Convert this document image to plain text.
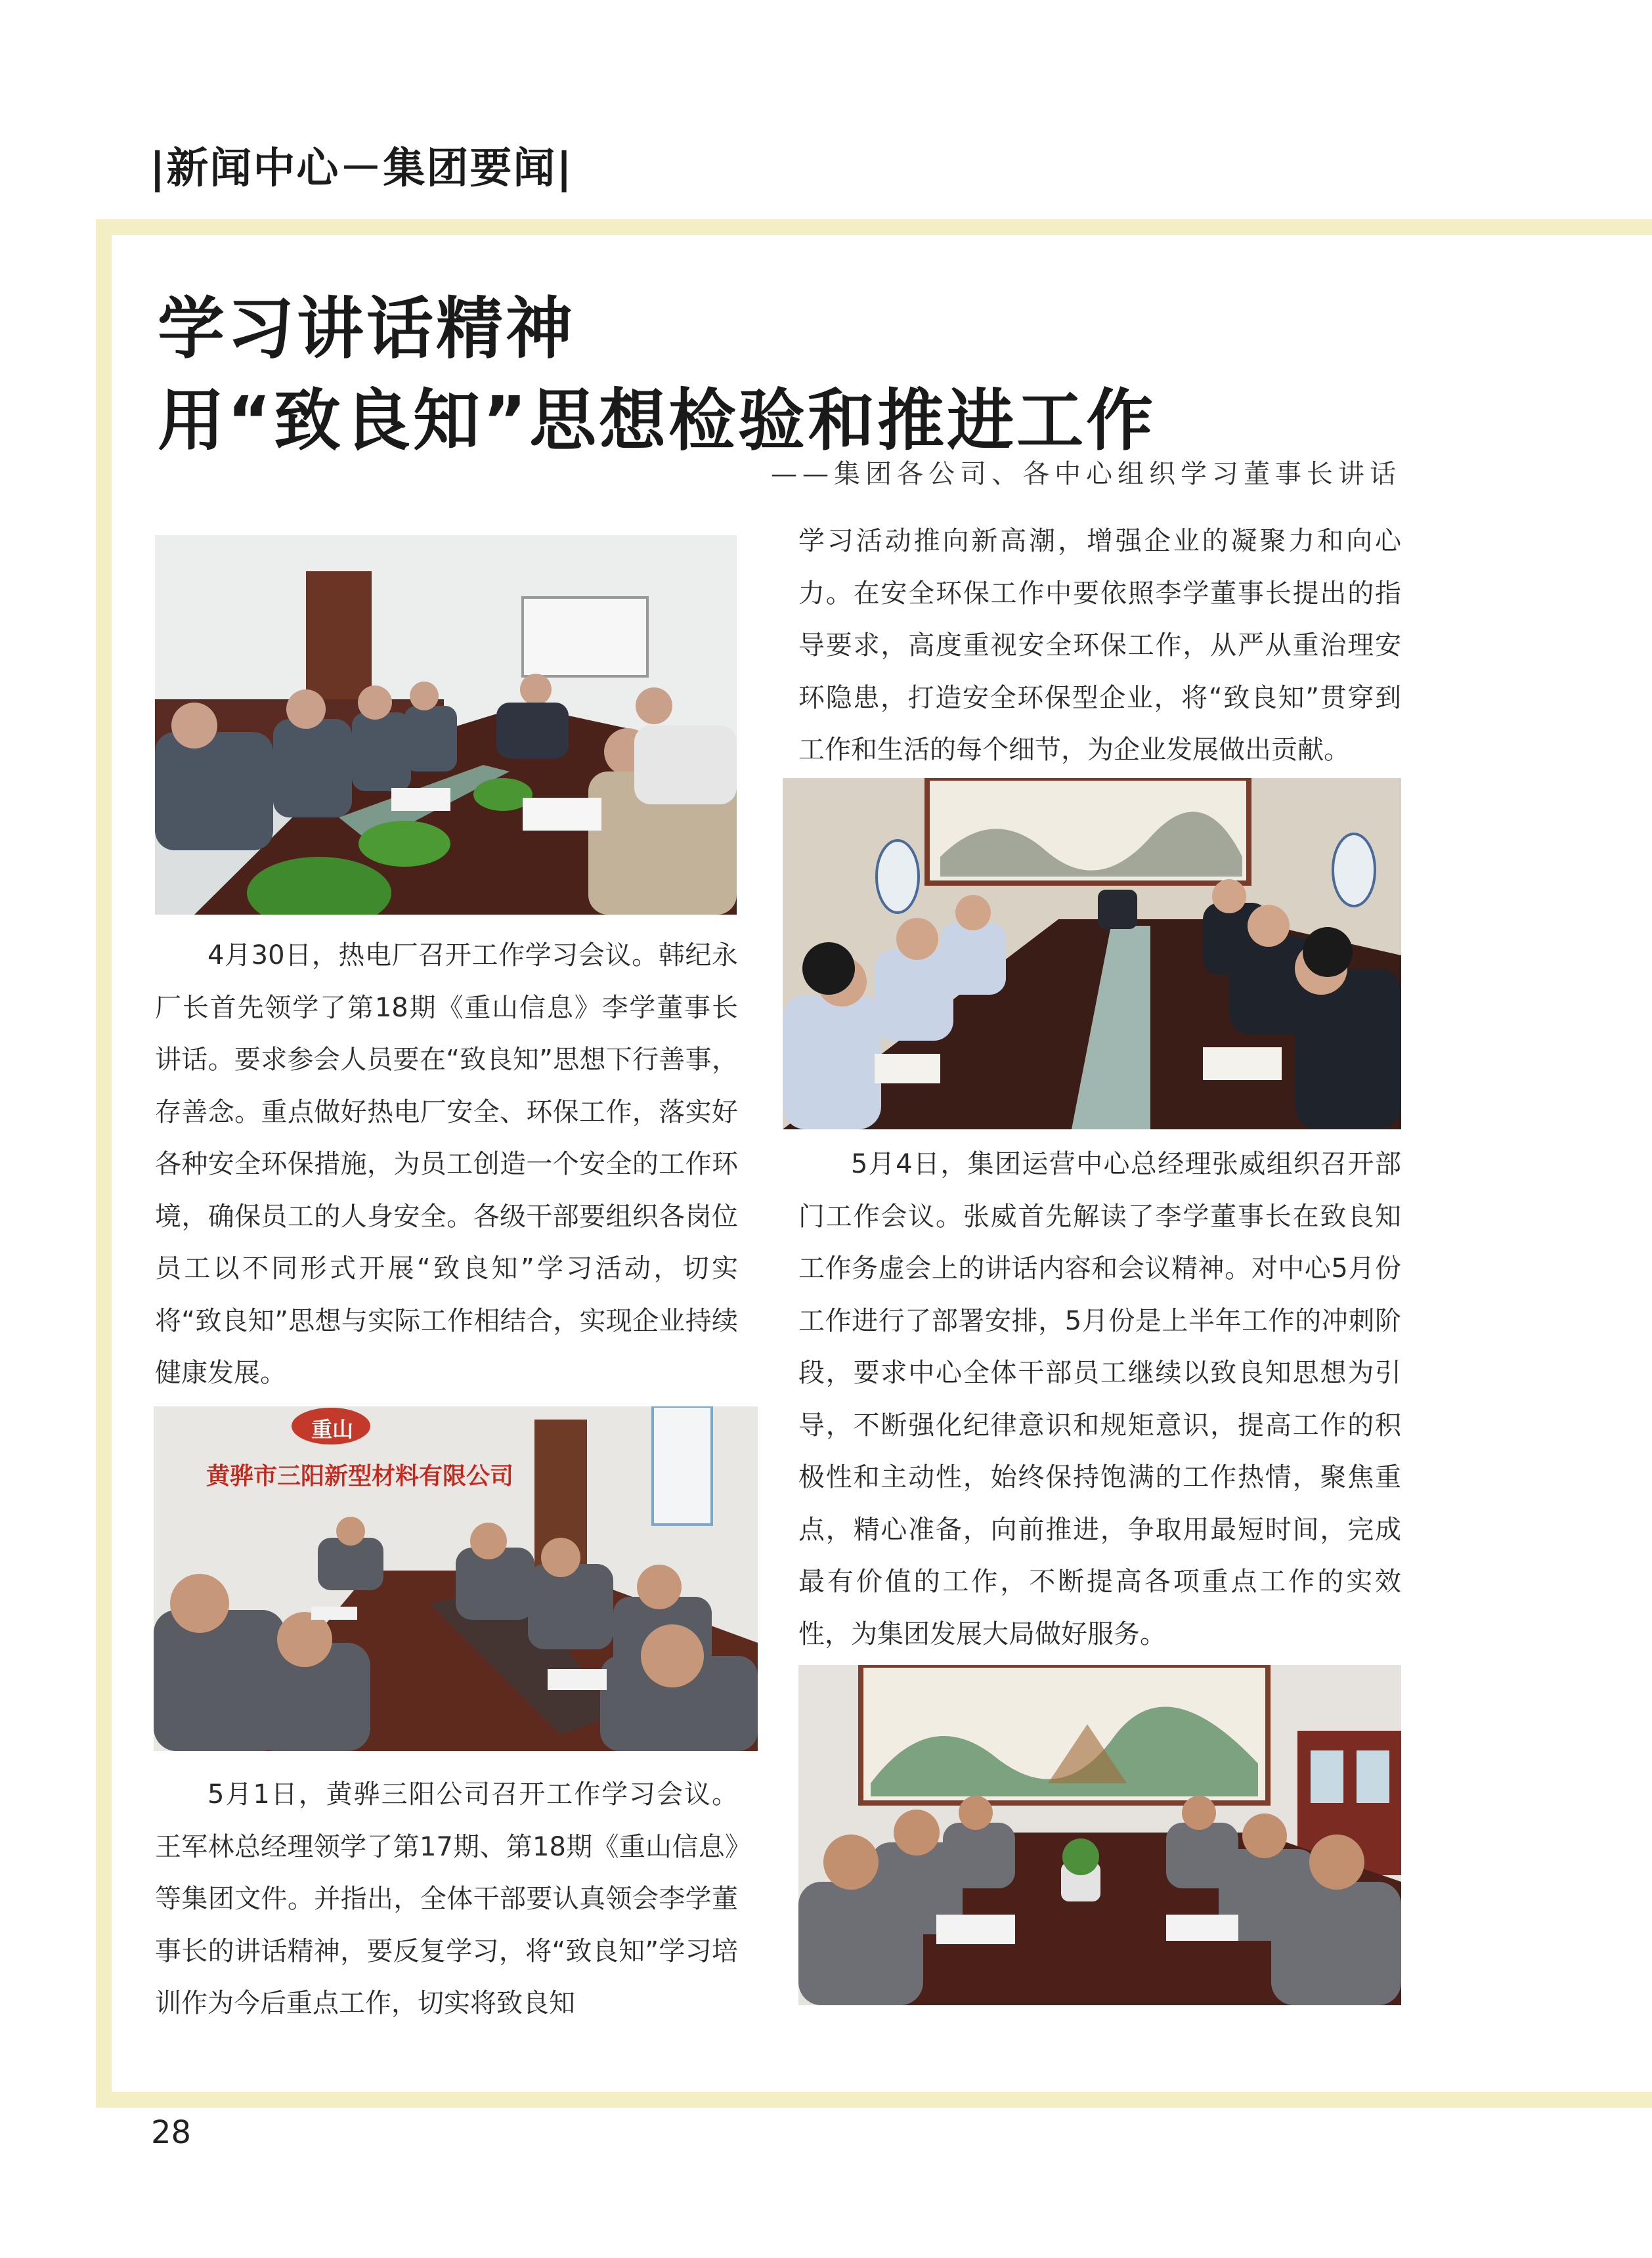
|新闻中心－集团要闻|
学习讲话精神
用“致良知”思想检验和推进工作
——集团各公司、各中心组织学习董事长讲话

4月30日，热电厂召开工作学习会议。韩纪永厂长首先领学了第18期《重山信息》李学董事长讲话。要求参会人员要在“致良知”思想下行善事，存善念。重点做好热电厂安全、环保工作，落实好各种安全环保措施，为员工创造一个安全的工作环境，确保员工的人身安全。各级干部要组织各岗位员工以不同形式开展“致良知”学习活动，切实将“致良知”思想与实际工作相结合，实现企业持续健康发展。

黄骅市三阳新型材料有限公司
重山

5月1日，黄骅三阳公司召开工作学习会议。王军林总经理领学了第17期、第18期《重山信息》等集团文件。并指出，全体干部要认真领会李学董事长的讲话精神，要反复学习，将“致良知”学习培训作为今后重点工作，切实将致良知

学习活动推向新高潮，增强企业的凝聚力和向心力。在安全环保工作中要依照李学董事长提出的指导要求，高度重视安全环保工作，从严从重治理安环隐患，打造安全环保型企业，将“致良知”贯穿到工作和生活的每个细节，为企业发展做出贡献。

5月4日，集团运营中心总经理张威组织召开部门工作会议。张威首先解读了李学董事长在致良知工作务虚会上的讲话内容和会议精神。对中心5月份工作进行了部署安排，5月份是上半年工作的冲刺阶段，要求中心全体干部员工继续以致良知思想为引导，不断强化纪律意识和规矩意识，提高工作的积极性和主动性，始终保持饱满的工作热情，聚焦重点，精心准备，向前推进，争取用最短时间，完成最有价值的工作，不断提高各项重点工作的实效性，为集团发展大局做好服务。

28
